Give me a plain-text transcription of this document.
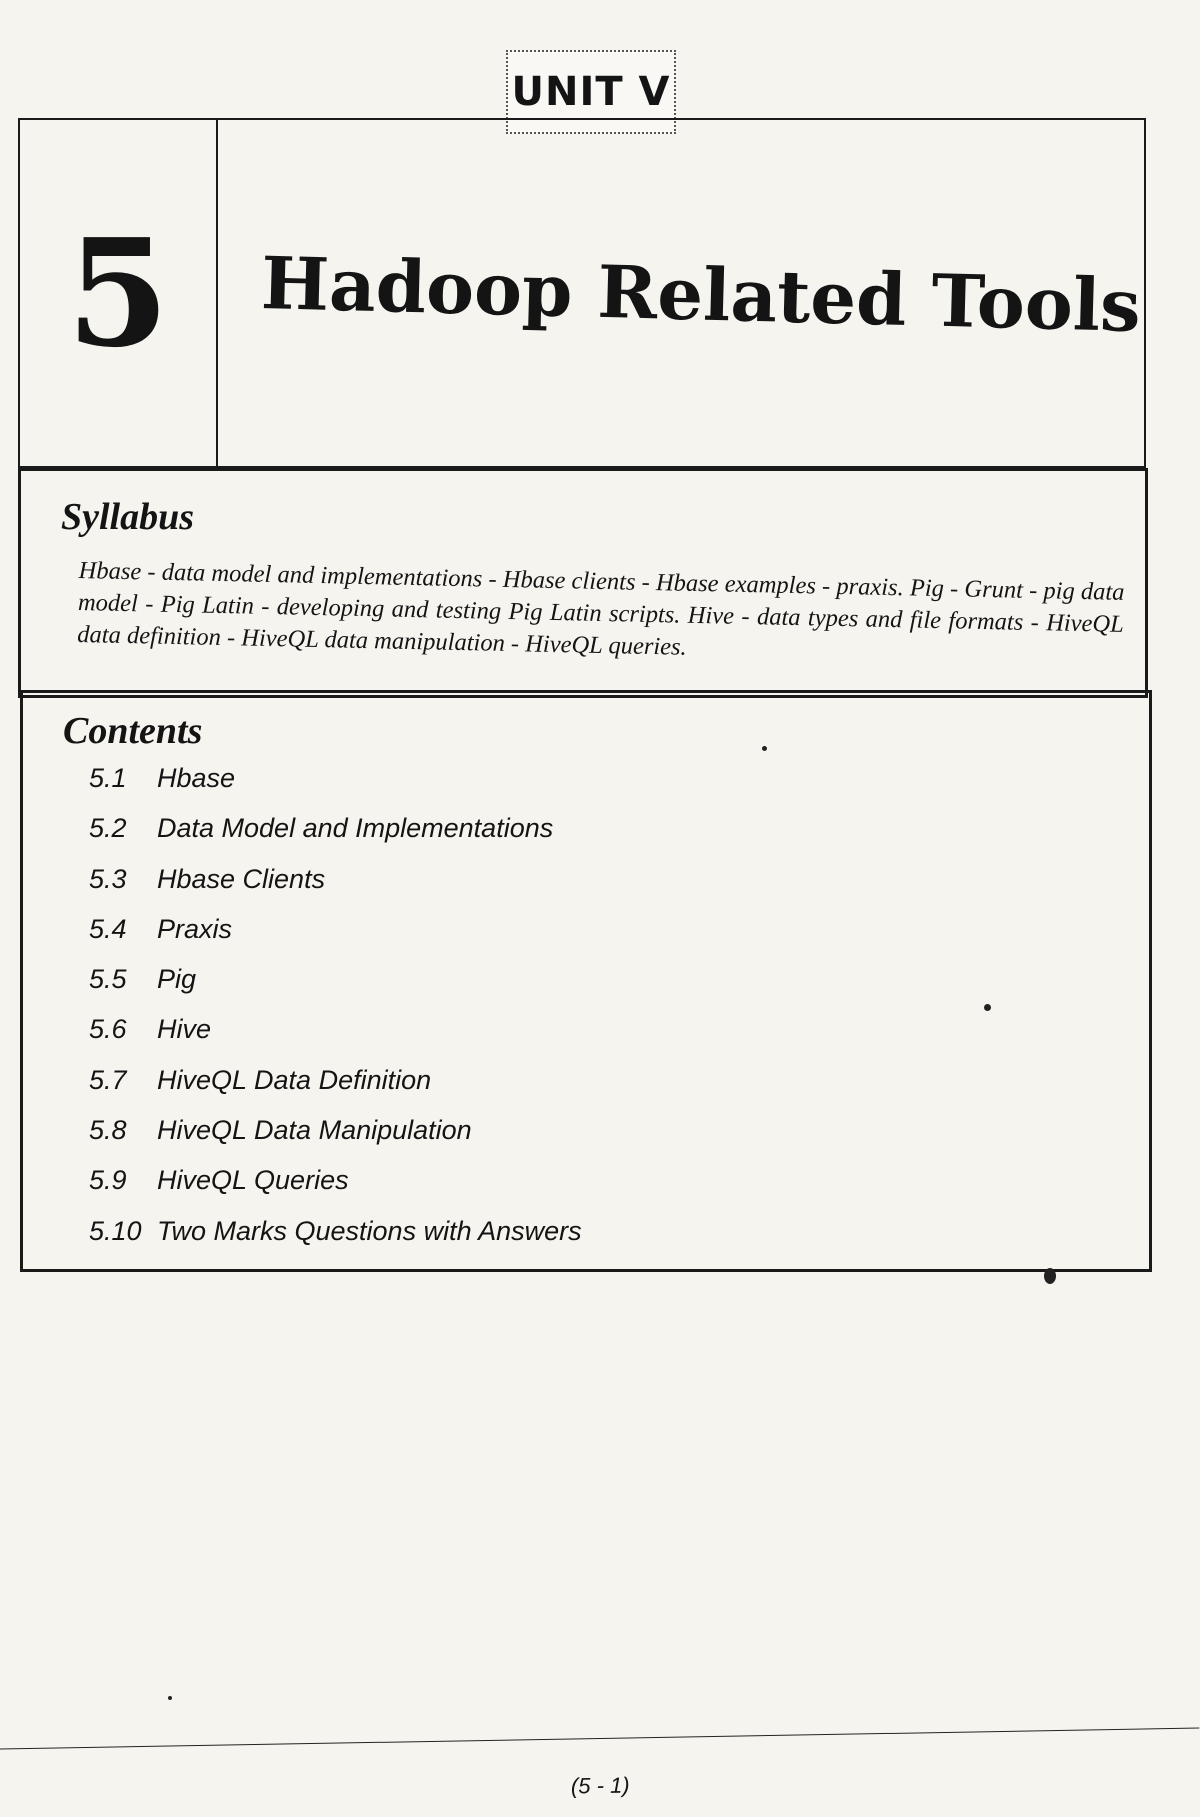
UNIT V
5	Hadoop Related Tools
Syllabus

Hbase - data model and implementations - Hbase clients - Hbase examples - praxis. Pig - Grunt - pig data model - Pig Latin - developing and testing Pig Latin scripts. Hive - data types and file formats - HiveQL data definition - HiveQL data manipulation - HiveQL queries.

Contents
5.1	Hbase
5.2	Data Model and Implementations
5.3	Hbase Clients
5.4	Praxis
5.5	Pig
5.6	Hive
5.7	HiveQL Data Definition
5.8	HiveQL Data Manipulation
5.9	HiveQL Queries
5.10 Two Marks Questions with Answers
(5 - 1)
